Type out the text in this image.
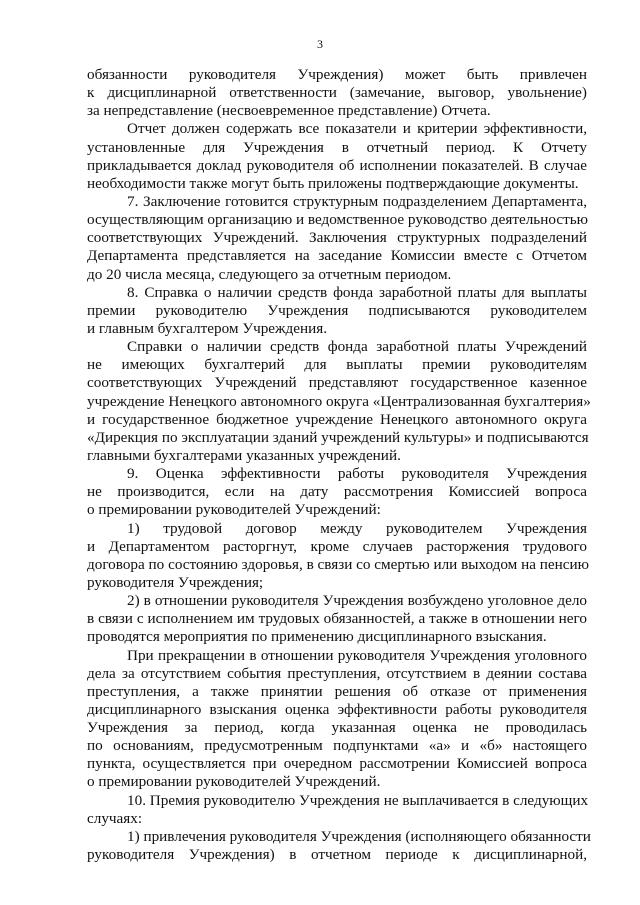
3
обязанности руководителя Учреждения) может быть привлечен
к дисциплинарной ответственности (замечание, выговор, увольнение)
за непредставление (несвоевременное представление) Отчета.
Отчет должен содержать все показатели и критерии эффективности,
установленные для Учреждения в отчетный период. К Отчету
прикладывается доклад руководителя об исполнении показателей. В случае
необходимости также могут быть приложены подтверждающие документы.
7. Заключение готовится структурным подразделением Департамента,
осуществляющим организацию и ведомственное руководство деятельностью
соответствующих Учреждений. Заключения структурных подразделений
Департамента представляется на заседание Комиссии вместе с Отчетом
до 20 числа месяца, следующего за отчетным периодом.
8. Справка о наличии средств фонда заработной платы для выплаты
премии руководителю Учреждения подписываются руководителем
и главным бухгалтером Учреждения.
Справки о наличии средств фонда заработной платы Учреждений
не имеющих бухгалтерий для выплаты премии руководителям
соответствующих Учреждений представляют государственное казенное
учреждение Ненецкого автономного округа «Централизованная бухгалтерия»
и государственное бюджетное учреждение Ненецкого автономного округа
«Дирекция по эксплуатации зданий учреждений культуры» и подписываются
главными бухгалтерами указанных учреждений.
9. Оценка эффективности работы руководителя Учреждения
не производится, если на дату рассмотрения Комиссией вопроса
о премировании руководителей Учреждений:
1) трудовой договор между руководителем Учреждения
и Департаментом расторгнут, кроме случаев расторжения трудового
договора по состоянию здоровья, в связи со смертью или выходом на пенсию
руководителя Учреждения;
2) в отношении руководителя Учреждения возбуждено уголовное дело
в связи с исполнением им трудовых обязанностей, а также в отношении него
проводятся мероприятия по применению дисциплинарного взыскания.
При прекращении в отношении руководителя Учреждения уголовного
дела за отсутствием события преступления, отсутствием в деянии состава
преступления, а также принятии решения об отказе от применения
дисциплинарного взыскания оценка эффективности работы руководителя
Учреждения за период, когда указанная оценка не проводилась
по основаниям, предусмотренным подпунктами «а» и «б» настоящего
пункта, осуществляется при очередном рассмотрении Комиссией вопроса
о премировании руководителей Учреждений.
10. Премия руководителю Учреждения не выплачивается в следующих
случаях:
1) привлечения руководителя Учреждения (исполняющего обязанности
руководителя Учреждения) в отчетном периоде к дисциплинарной,
